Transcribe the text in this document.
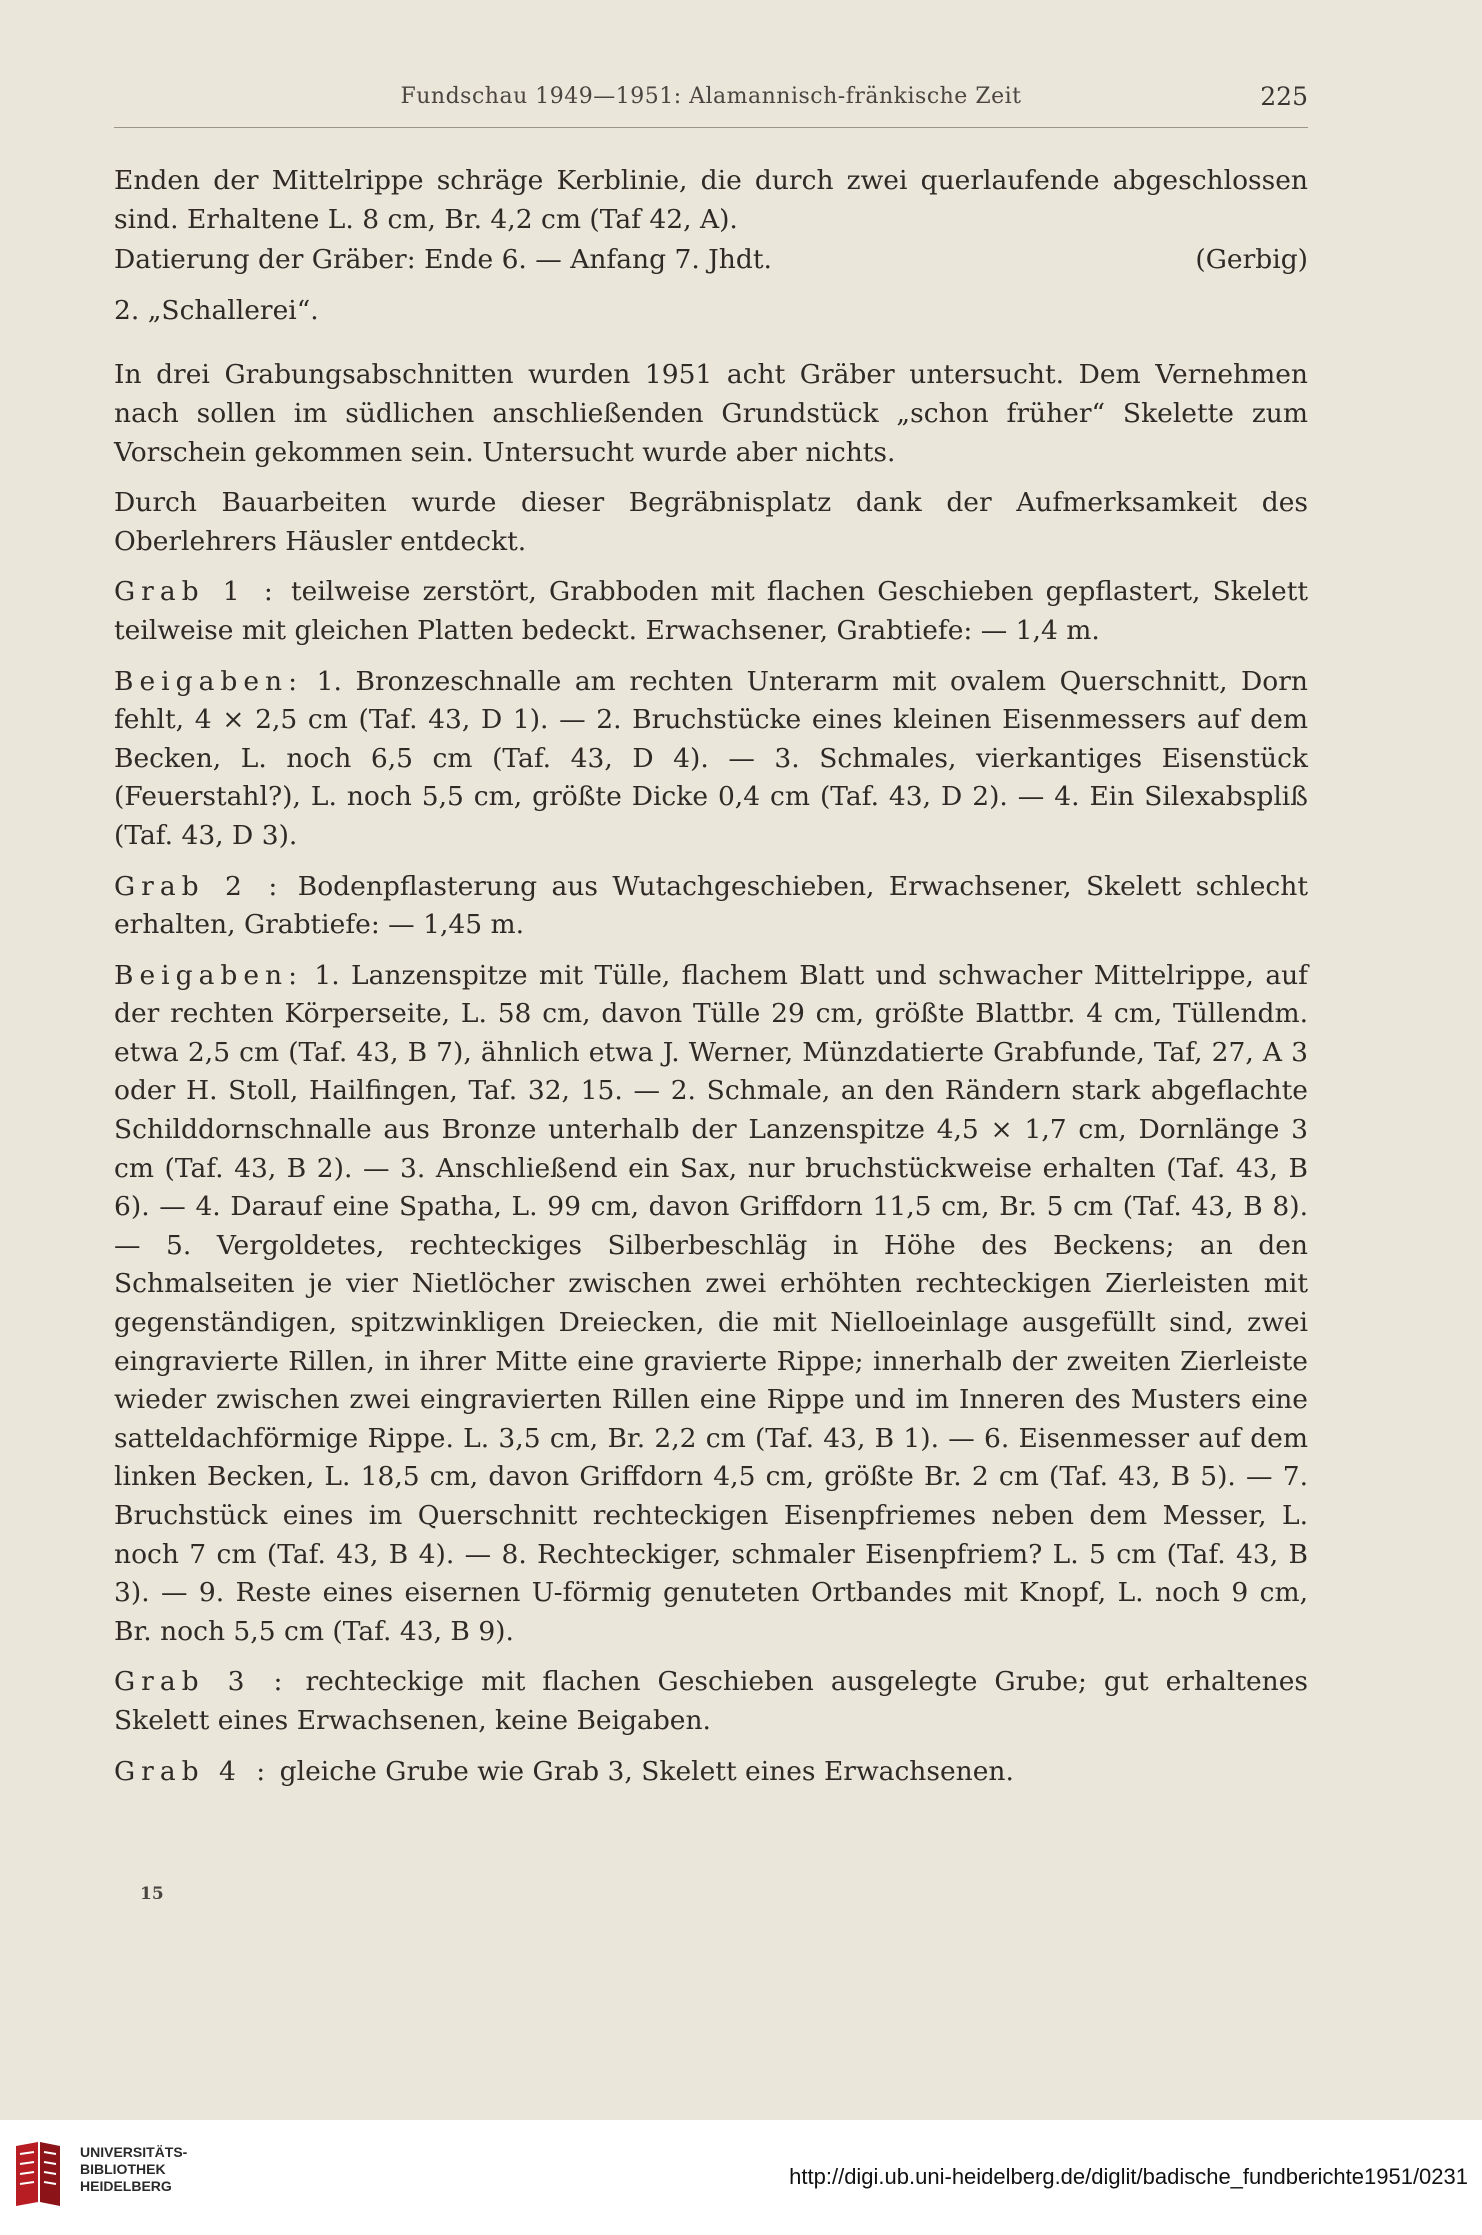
Fundschau 1949—1951: Alamannisch-fränkische Zeit	225

Enden der Mittelrippe schräge Kerblinie, die durch zwei querlaufende abgeschlossen sind. Erhaltene L. 8 cm, Br. 4,2 cm (Taf 42, A).

Datierung der Gräber: Ende 6. — Anfang 7. Jhdt.	(Gerbig)

2. „Schallerei“.

In drei Grabungsabschnitten wurden 1951 acht Gräber untersucht. Dem Vernehmen nach sollen im südlichen anschließenden Grundstück „schon früher“ Skelette zum Vorschein gekommen sein. Untersucht wurde aber nichts.

Durch Bauarbeiten wurde dieser Begräbnisplatz dank der Aufmerksamkeit des Oberlehrers Häusler entdeckt.

Grab 1 : teilweise zerstört, Grabboden mit flachen Geschieben gepflastert, Skelett teilweise mit gleichen Platten bedeckt. Erwachsener, Grabtiefe: — 1,4 m.

Beigaben: 1. Bronzeschnalle am rechten Unterarm mit ovalem Querschnitt, Dorn fehlt, 4 × 2,5 cm (Taf. 43, D 1). — 2. Bruchstücke eines kleinen Eisenmessers auf dem Becken, L. noch 6,5 cm (Taf. 43, D 4). — 3. Schmales, vierkantiges Eisenstück (Feuerstahl?), L. noch 5,5 cm, größte Dicke 0,4 cm (Taf. 43, D 2). — 4. Ein Silexabspliß (Taf. 43, D 3).

Grab 2 : Bodenpflasterung aus Wutachgeschieben, Erwachsener, Skelett schlecht erhalten, Grabtiefe: — 1,45 m.

Beigaben: 1. Lanzenspitze mit Tülle, flachem Blatt und schwacher Mittelrippe, auf der rechten Körperseite, L. 58 cm, davon Tülle 29 cm, größte Blattbr. 4 cm, Tüllendm. etwa 2,5 cm (Taf. 43, B 7), ähnlich etwa J. Werner, Münzdatierte Grabfunde, Taf, 27, A 3 oder H. Stoll, Hailfingen, Taf. 32, 15. — 2. Schmale, an den Rändern stark abgeflachte Schilddornschnalle aus Bronze unterhalb der Lanzenspitze 4,5 × 1,7 cm, Dornlänge 3 cm (Taf. 43, B 2). — 3. Anschließend ein Sax, nur bruchstückweise erhalten (Taf. 43, B 6). — 4. Darauf eine Spatha, L. 99 cm, davon Griffdorn 11,5 cm, Br. 5 cm (Taf. 43, B 8). — 5. Vergoldetes, rechteckiges Silberbeschläg in Höhe des Beckens; an den Schmalseiten je vier Nietlöcher zwischen zwei erhöhten rechteckigen Zierleisten mit gegenständigen, spitzwinkligen Dreiecken, die mit Nielloeinlage ausgefüllt sind, zwei eingravierte Rillen, in ihrer Mitte eine gravierte Rippe; innerhalb der zweiten Zierleiste wieder zwischen zwei eingravierten Rillen eine Rippe und im Inneren des Musters eine satteldachförmige Rippe. L. 3,5 cm, Br. 2,2 cm (Taf. 43, B 1). — 6. Eisenmesser auf dem linken Becken, L. 18,5 cm, davon Griffdorn 4,5 cm, größte Br. 2 cm (Taf. 43, B 5). — 7. Bruchstück eines im Querschnitt rechteckigen Eisenpfriemes neben dem Messer, L. noch 7 cm (Taf. 43, B 4). — 8. Rechteckiger, schmaler Eisenpfriem? L. 5 cm (Taf. 43, B 3). — 9. Reste eines eisernen U-förmig genuteten Ortbandes mit Knopf, L. noch 9 cm, Br. noch 5,5 cm (Taf. 43, B 9).

Grab 3 : rechteckige mit flachen Geschieben ausgelegte Grube; gut erhaltenes Skelett eines Erwachsenen, keine Beigaben.

Grab 4 : gleiche Grube wie Grab 3, Skelett eines Erwachsenen.

15
UNIVERSITÄTS-
BIBLIOTHEK
HEIDELBERG	http://digi.ub.uni-heidelberg.de/diglit/badische_fundberichte1951/0231
